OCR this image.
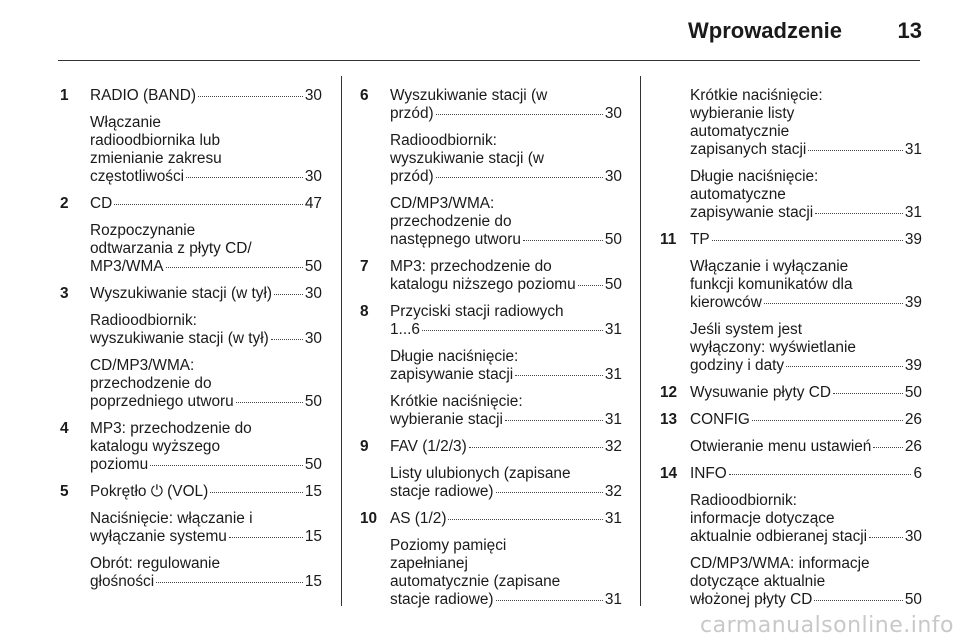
Wprowadzenie	13
1	RADIO (BAND)	30
Włączanie
radioodbiornika lub
zmienianie zakresu
częstotliwości	30
2	CD	47
Rozpoczynanie
odtwarzania z płyty CD/
MP3/WMA	50
3	Wyszukiwanie stacji (w tył) 30
Radioodbiornik:
wyszukiwanie stacji (w tył) 30
CD/MP3/WMA:
przechodzenie do
poprzedniego utworu	50
4	MP3: przechodzenie do
katalogu wyższego
poziomu	50
5	Pokrętło ⏻ (VOL)	15
Naciśnięcie: włączanie i
wyłączanie systemu	15
Obrót: regulowanie
głośności	15
6	Wyszukiwanie stacji (w
przód)	30
Radioodbiornik:
wyszukiwanie stacji (w
przód)	30
CD/MP3/WMA:
przechodzenie do
następnego utworu	50
7	MP3: przechodzenie do
katalogu niższego poziomu 50
8	Przyciski stacji radiowych
1...6	31
Długie naciśnięcie:
zapisywanie stacji	31
Krótkie naciśnięcie:
wybieranie stacji	31
9	FAV (1/2/3)	32
Listy ulubionych (zapisane
stacje radiowe)	32
10 AS (1/2)	31
Poziomy pamięci
zapełnianej
automatycznie (zapisane
stacje radiowe)	31
Krótkie naciśnięcie:
wybieranie listy
automatycznie
zapisanych stacji	31
Długie naciśnięcie:
automatyczne
zapisywanie stacji	31
11 TP	39
Włączanie i wyłączanie
funkcji komunikatów dla
kierowców	39
Jeśli system jest
wyłączony: wyświetlanie
godziny i daty	39
12 Wysuwanie płyty CD	50
13 CONFIG	26
Otwieranie menu ustawień 26
14 INFO	6
Radioodbiornik:
informacje dotyczące
aktualnie odbieranej stacji 30
CD/MP3/WMA: informacje
dotyczące aktualnie
włożonej płyty CD	50
carmanualsonline.info
